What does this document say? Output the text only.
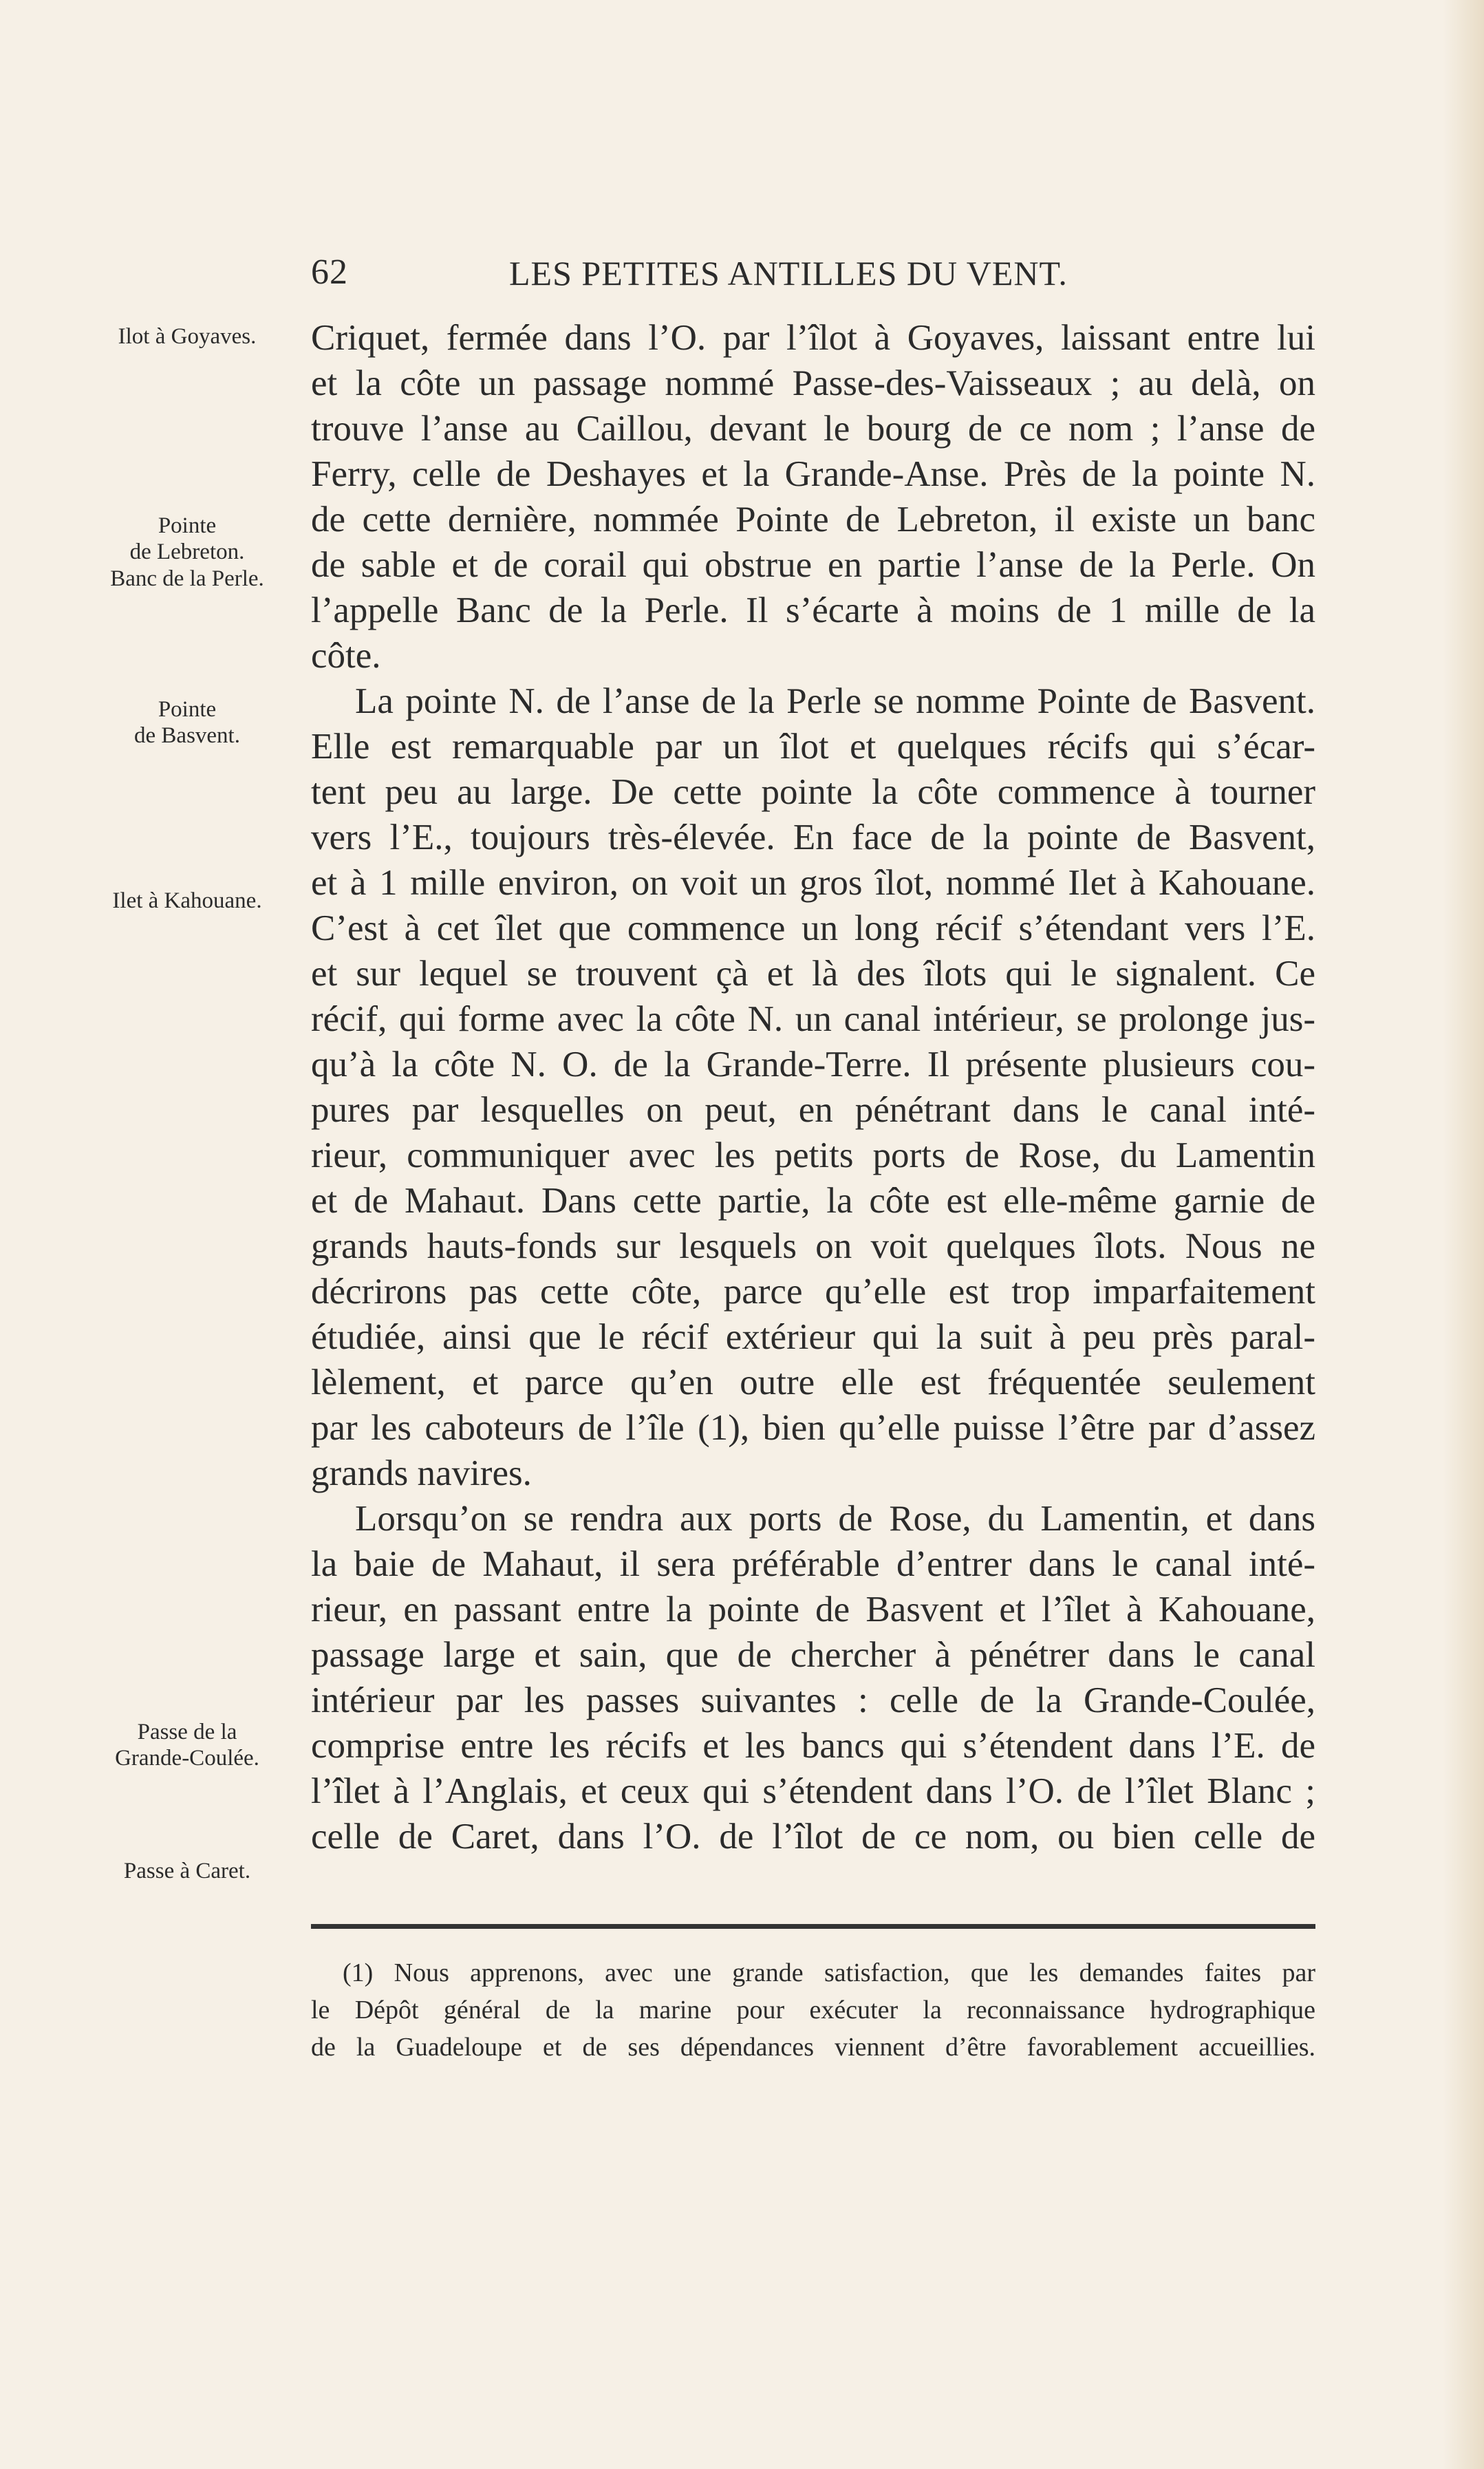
62	LES PETITES ANTILLES DU VENT.
Ilot à Goyaves.
Pointe
de Lebreton.
Banc de la Perle.
Pointe
de Basvent.
Ilet à Kahouane.
Passe de la
Grande-Coulée.
Passe à Caret.
Criquet, fermée dans l’O. par l’îlot à Goyaves, laissant entre lui
et la côte un passage nommé Passe-des-Vaisseaux ; au delà, on
trouve l’anse au Caillou, devant le bourg de ce nom ; l’anse de
Ferry, celle de Deshayes et la Grande-Anse. Près de la pointe N.
de cette dernière, nommée Pointe de Lebreton, il existe un banc
de sable et de corail qui obstrue en partie l’anse de la Perle. On
l’appelle Banc de la Perle. Il s’écarte à moins de 1 mille de la
côte.
La pointe N. de l’anse de la Perle se nomme Pointe de Basvent.
Elle est remarquable par un îlot et quelques récifs qui s’écar-
tent peu au large. De cette pointe la côte commence à tourner
vers l’E., toujours très-élevée. En face de la pointe de Basvent,
et à 1 mille environ, on voit un gros îlot, nommé Ilet à Kahouane.
C’est à cet îlet que commence un long récif s’étendant vers l’E.
et sur lequel se trouvent çà et là des îlots qui le signalent. Ce
récif, qui forme avec la côte N. un canal intérieur, se prolonge jus-
qu’à la côte N. O. de la Grande-Terre. Il présente plusieurs cou-
pures par lesquelles on peut, en pénétrant dans le canal inté-
rieur, communiquer avec les petits ports de Rose, du Lamentin
et de Mahaut. Dans cette partie, la côte est elle-même garnie de
grands hauts-fonds sur lesquels on voit quelques îlots. Nous ne
décrirons pas cette côte, parce qu’elle est trop imparfaitement
étudiée, ainsi que le récif extérieur qui la suit à peu près paral-
lèlement, et parce qu’en outre elle est fréquentée seulement
par les caboteurs de l’île (1), bien qu’elle puisse l’être par d’assez
grands navires.
Lorsqu’on se rendra aux ports de Rose, du Lamentin, et dans
la baie de Mahaut, il sera préférable d’entrer dans le canal inté-
rieur, en passant entre la pointe de Basvent et l’îlet à Kahouane,
passage large et sain, que de chercher à pénétrer dans le canal
intérieur par les passes suivantes : celle de la Grande-Coulée,
comprise entre les récifs et les bancs qui s’étendent dans l’E. de
l’îlet à l’Anglais, et ceux qui s’étendent dans l’O. de l’îlet Blanc ;
celle de Caret, dans l’O. de l’îlot de ce nom, ou bien celle de
(1) Nous apprenons, avec une grande satisfaction, que les demandes faites par
le Dépôt général de la marine pour exécuter la reconnaissance hydrographique
de la Guadeloupe et de ses dépendances viennent d’être favorablement accueillies.
